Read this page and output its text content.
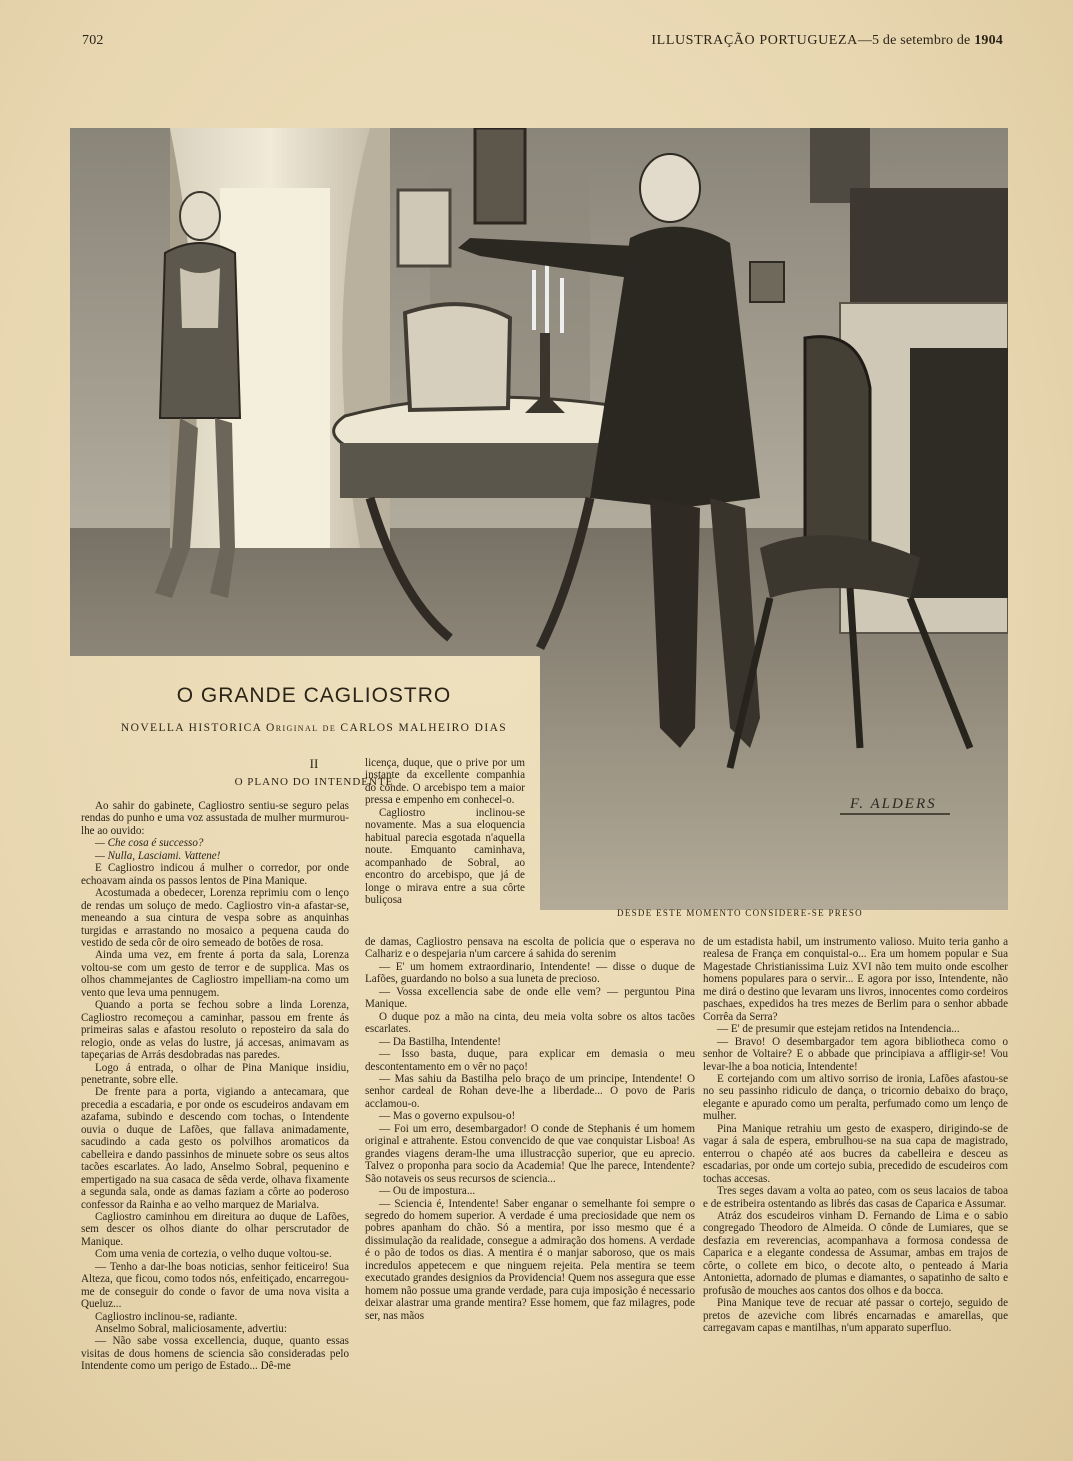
702	ILLUSTRAÇÃO PORTUGUEZA—5 de setembro de 1904
F. ALDERS
O GRANDE CAGLIOSTRO
NOVELLA HISTORICA Original de CARLOS MALHEIRO DIAS
II
O PLANO DO INTENDENTE
DESDE ESTE MOMENTO CONSIDERE-SE PRESO

Ao sahir do gabinete, Cagliostro sentiu-se seguro pelas rendas do punho e uma voz assustada de mulher murmurou-lhe ao ouvido:

— Che cosa é successo?

— Nulla, Lasciami. Vattene!

E Cagliostro indicou á mulher o corredor, por onde echoavam ainda os passos lentos de Pina Manique.

Acostumada a obedecer, Lorenza reprimiu com o lenço de rendas um soluço de medo. Cagliostro vin-a afastar-se, meneando a sua cintura de vespa sobre as anquinhas turgidas e arrastando no mosaico a pequena cauda do vestido de seda côr de oiro semeado de botões de rosa.

Ainda uma vez, em frente á porta da sala, Lorenza voltou-se com um gesto de terror e de supplica. Mas os olhos chammejantes de Cagliostro impelliam-na como um vento que leva uma pennugem.

Quando a porta se fechou sobre a linda Lorenza, Cagliostro recomeçou a caminhar, passou em frente ás primeiras salas e afastou resoluto o reposteiro da sala do relogio, onde as velas do lustre, já accesas, animavam as tapeçarias de Arrás desdobradas nas paredes.

Logo á entrada, o olhar de Pina Manique insidiu, penetrante, sobre elle.

De frente para a porta, vigiando a antecamara, que precedia a escadaria, e por onde os escudeiros andavam em azafama, subindo e descendo com tochas, o Intendente ouvia o duque de Lafões, que fallava animadamente, sacudindo a cada gesto os polvilhos aromaticos da cabelleira e dando passinhos de minuete sobre os seus altos tacões escarlates. Ao lado, Anselmo Sobral, pequenino e empertigado na sua casaca de sêda verde, olhava fixamente a segunda sala, onde as damas faziam a côrte ao poderoso confessor da Rainha e ao velho marquez de Marialva.

Cagliostro caminhou em direitura ao duque de Lafões, sem descer os olhos diante do olhar perscrutador de Manique.

Com uma venia de cortezia, o velho duque voltou-se.

— Tenho a dar-lhe boas noticias, senhor feiticeiro! Sua Alteza, que ficou, como todos nós, enfeitiçado, encarregou-me de conseguir do conde o favor de uma nova visita a Queluz...

Cagliostro inclinou-se, radiante.

Anselmo Sobral, maliciosamente, advertiu:

— Não sabe vossa excellencia, duque, quanto essas visitas de dous homens de sciencia são consideradas pelo Intendente como um perigo de Estado... Dê-me

licença, duque, que o prive por um instante da excellente companhia do conde. O arcebispo tem a maior pressa e empenho em conhecel-o.

Cagliostro inclinou-se novamente. Mas a sua eloquencia habitual parecia esgotada n'aquella noute. Emquanto caminhava, acompanhado de Sobral, ao encontro do arcebispo, que já de longe o mirava entre a sua côrte buliçosa

de damas, Cagliostro pensava na escolta de policia que o esperava no Calhariz e o despejaria n'um carcere á sahida do serenim

— E' um homem extraordinario, Intendente! — disse o duque de Lafões, guardando no bolso a sua luneta de precioso.

— Vossa excellencia sabe de onde elle vem? — perguntou Pina Manique.

O duque poz a mão na cinta, deu meia volta sobre os altos tacões escarlates.

— Da Bastilha, Intendente!

— Isso basta, duque, para explicar em demasia o meu descontentamento em o vêr no paço!

— Mas sahiu da Bastilha pelo braço de um principe, Intendente! O senhor cardeal de Rohan deve-lhe a liberdade... O povo de Paris acclamou-o.

— Mas o governo expulsou-o!

— Foi um erro, desembargador! O conde de Stephanis é um homem original e attrahente. Estou convencido de que vae conquistar Lisboa! As grandes viagens deram-lhe uma illustracção superior, que eu aprecio. Talvez o proponha para socio da Academia! Que lhe parece, Intendente? São notaveis os seus recursos de sciencia...

— Ou de impostura...

— Sciencia é, Intendente! Saber enganar o semelhante foi sempre o segredo do homem superior. A verdade é uma preciosidade que nem os pobres apanham do chão. Só a mentira, por isso mesmo que é a dissimulação da realidade, consegue a admiração dos homens. A verdade é o pão de todos os dias. A mentira é o manjar saboroso, que os mais incredulos appetecem e que ninguem rejeita. Pela mentira se teem executado grandes designios da Providencia! Quem nos assegura que esse homem não possue uma grande verdade, para cuja imposição é necessario deixar alastrar uma grande mentira? Esse homem, que faz milagres, pode ser, nas mãos

de um estadista habil, um instrumento valioso. Muito teria ganho a realesa de França em conquistal-o... Era um homem popular e Sua Magestade Christianissima Luiz XVI não tem muito onde escolher homens populares para o servir... E agora por isso, Intendente, não me dirá o destino que levaram uns livros, innocentes como cordeiros paschaes, expedidos ha tres mezes de Berlim para o senhor abbade Corrêa da Serra?

— E' de presumir que estejam retidos na Intendencia...

— Bravo! O desembargador tem agora bibliotheca como o senhor de Voltaire? E o abbade que principiava a affligir-se! Vou levar-lhe a boa noticia, Intendente!

E cortejando com um altivo sorriso de ironia, Lafões afastou-se no seu passinho ridiculo de dança, o tricornio debaixo do braço, elegante e apurado como um peralta, perfumado como um lenço de mulher.

Pina Manique retrahiu um gesto de exaspero, dirigindo-se de vagar á sala de espera, embrulhou-se na sua capa de magistrado, enterrou o chapéo até aos bucres da cabelleira e desceu as escadarias, por onde um cortejo subia, precedido de escudeiros com tochas accesas.

Tres seges davam a volta ao pateo, com os seus lacaios de taboa e de estribeira ostentando as librés das casas de Caparica e Assumar.

Atráz dos escudeiros vinham D. Fernando de Lima e o sabio congregado Theodoro de Almeida. O cônde de Lumiares, que se desfazia em reverencias, acompanhava a formosa condessa de Caparica e a elegante condessa de Assumar, ambas em trajos de côrte, o collete em bico, o decote alto, o penteado á Maria Antonietta, adornado de plumas e diamantes, o sapatinho de salto e profusão de mouches aos cantos dos olhos e da bocca.

Pina Manique teve de recuar até passar o cortejo, seguido de pretos de azeviche com librés encarnadas e amarellas, que carregavam capas e mantilhas, n'um apparato superfluo.
